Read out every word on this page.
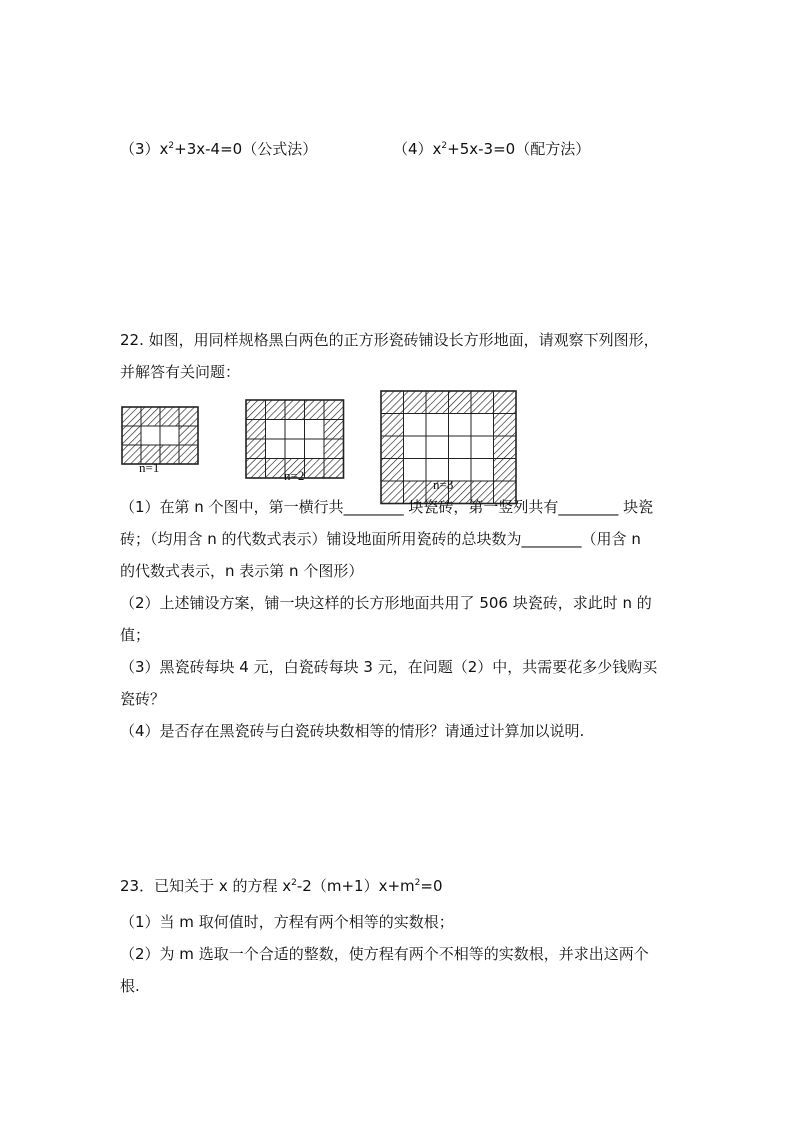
$(3)x^2+3x-4=0$（公式法）	$(4)x^2+5x-3=0$（配方法）
22. 如图，用同样规格黑白两色的正方形瓷砖铺设长方形地面，请观察下列图形，
并解答有关问题：
n=1
n=2
n=3
（1）在第 n 个图中，第一横行共________ 块瓷砖，第一竖列共有________ 块瓷
砖；（均用含 n 的代数式表示）铺设地面所用瓷砖的总块数为________（用含 n
的代数式表示，n 表示第 n 个图形）
（2）上述铺设方案，铺一块这样的长方形地面共用了 506 块瓷砖，求此时 n 的
值；
（3）黑瓷砖每块 4 元，白瓷砖每块 3 元，在问题（2）中，共需要花多少钱购买
瓷砖？
（4）是否存在黑瓷砖与白瓷砖块数相等的情形？请通过计算加以说明.
23．已知关于 x 的方程 $x^2-2(m+1)x+m^2=0$
（1）当 m 取何值时，方程有两个相等的实数根；
（2）为 m 选取一个合适的整数，使方程有两个不相等的实数根，并求出这两个
根.
